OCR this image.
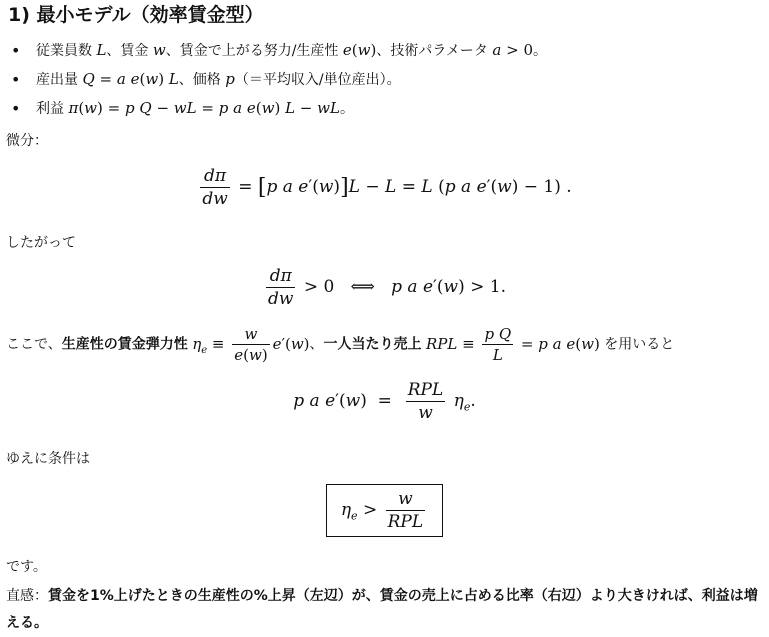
1) 最小モデル（効率賃金型）
• 従業員数 L、賃金 w、賃金で上がる努力/生産性 e(w)、技術パラメータ a > 0。
• 産出量 Q = a e(w) L、価格 p（＝平均収入/単位産出）。
• 利益 π(w) = p Q − wL = p a e(w) L − wL。
微分：
$\frac{d\pi}{dw} = [p$ a e′(w)]L − L = L (p a e′(w) − 1) .
したがって
$\frac{d\pi}{dw} > 0$   ⟺   p a e′(w) > 1.
ここで、生産性の賃金弾力性 $\eta_e \equiv \frac{w}{e(w)} e'(w)$、一人当たり売上 RPL ≡ $\frac{\text{p Q}}{L} = p$ a e(w) を用いると
p a $e'(w) = \frac{\text{RPL}}{w} \eta_e$.
ゆえに条件は
$\eta_e > \frac{w}{\text{RPL}}$
です。
直感：賃金を1%上げたときの生産性の%上昇（左辺）が、賃金の売上に占める比率（右辺）より大きければ、利益は増える。
